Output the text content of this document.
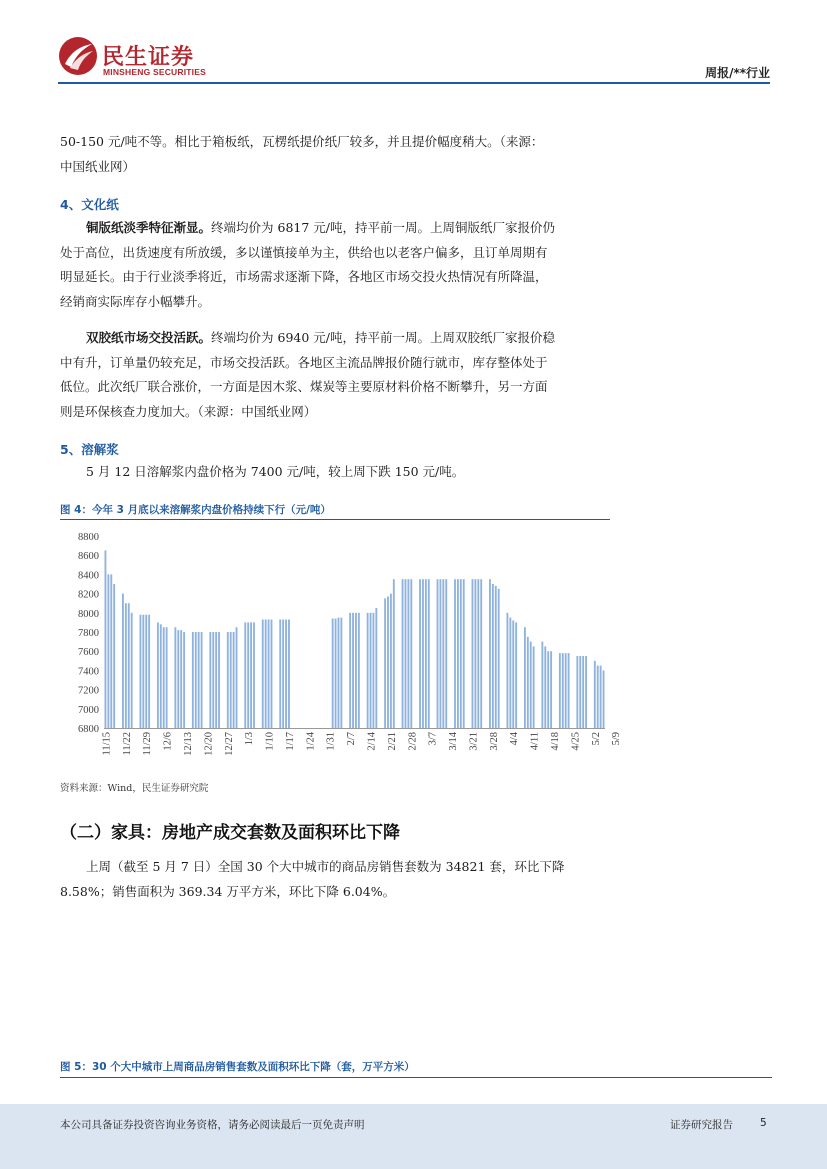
民生证券
MINSHENG SECURITIES	周报/**行业
50-150 元/吨不等。相比于箱板纸，瓦楞纸提价纸厂较多，并且提价幅度稍大。（来源：
中国纸业网）
4、文化纸
铜版纸淡季特征渐显。终端均价为 6817 元/吨，持平前一周。上周铜版纸厂家报价仍
处于高位，出货速度有所放缓，多以谨慎接单为主，供给也以老客户偏多，且订单周期有
明显延长。由于行业淡季将近，市场需求逐渐下降，各地区市场交投火热情况有所降温，
经销商实际库存小幅攀升。
双胶纸市场交投活跃。终端均价为 6940 元/吨，持平前一周。上周双胶纸厂家报价稳
中有升，订单量仍较充足，市场交投活跃。各地区主流品牌报价随行就市，库存整体处于
低位。此次纸厂联合涨价，一方面是因木浆、煤炭等主要原材料价格不断攀升，另一方面
则是环保核查力度加大。（来源：中国纸业网）
5、溶解浆
5 月 12 日溶解浆内盘价格为 7400 元/吨，较上周下跌 150 元/吨。
图 4：今年 3 月底以来溶解浆内盘价格持续下行（元/吨）
6800
7000
7200
7400
7600
7800
8000
8200
8400
8600
8800
11/15 11/22 11/29 12/6 12/13 12/20 12/27 1/3 1/10 1/17 1/24 1/31 2/7 2/14 2/21 2/28 3/7 3/14 3/21 3/28 4/4 4/11 4/18 4/25 5/2 5/9
资料来源：Wind，民生证券研究院
（二）家具：房地产成交套数及面积环比下降
上周（截至 5 月 7 日）全国 30 个大中城市的商品房销售套数为 34821 套，环比下降
8.58%；销售面积为 369.34 万平方米，环比下降 6.04%。
图 5：30 个大中城市上周商品房销售套数及面积环比下降（套，万平方米）
本公司具备证券投资咨询业务资格，请务必阅读最后一页免责声明	证券研究报告	5
